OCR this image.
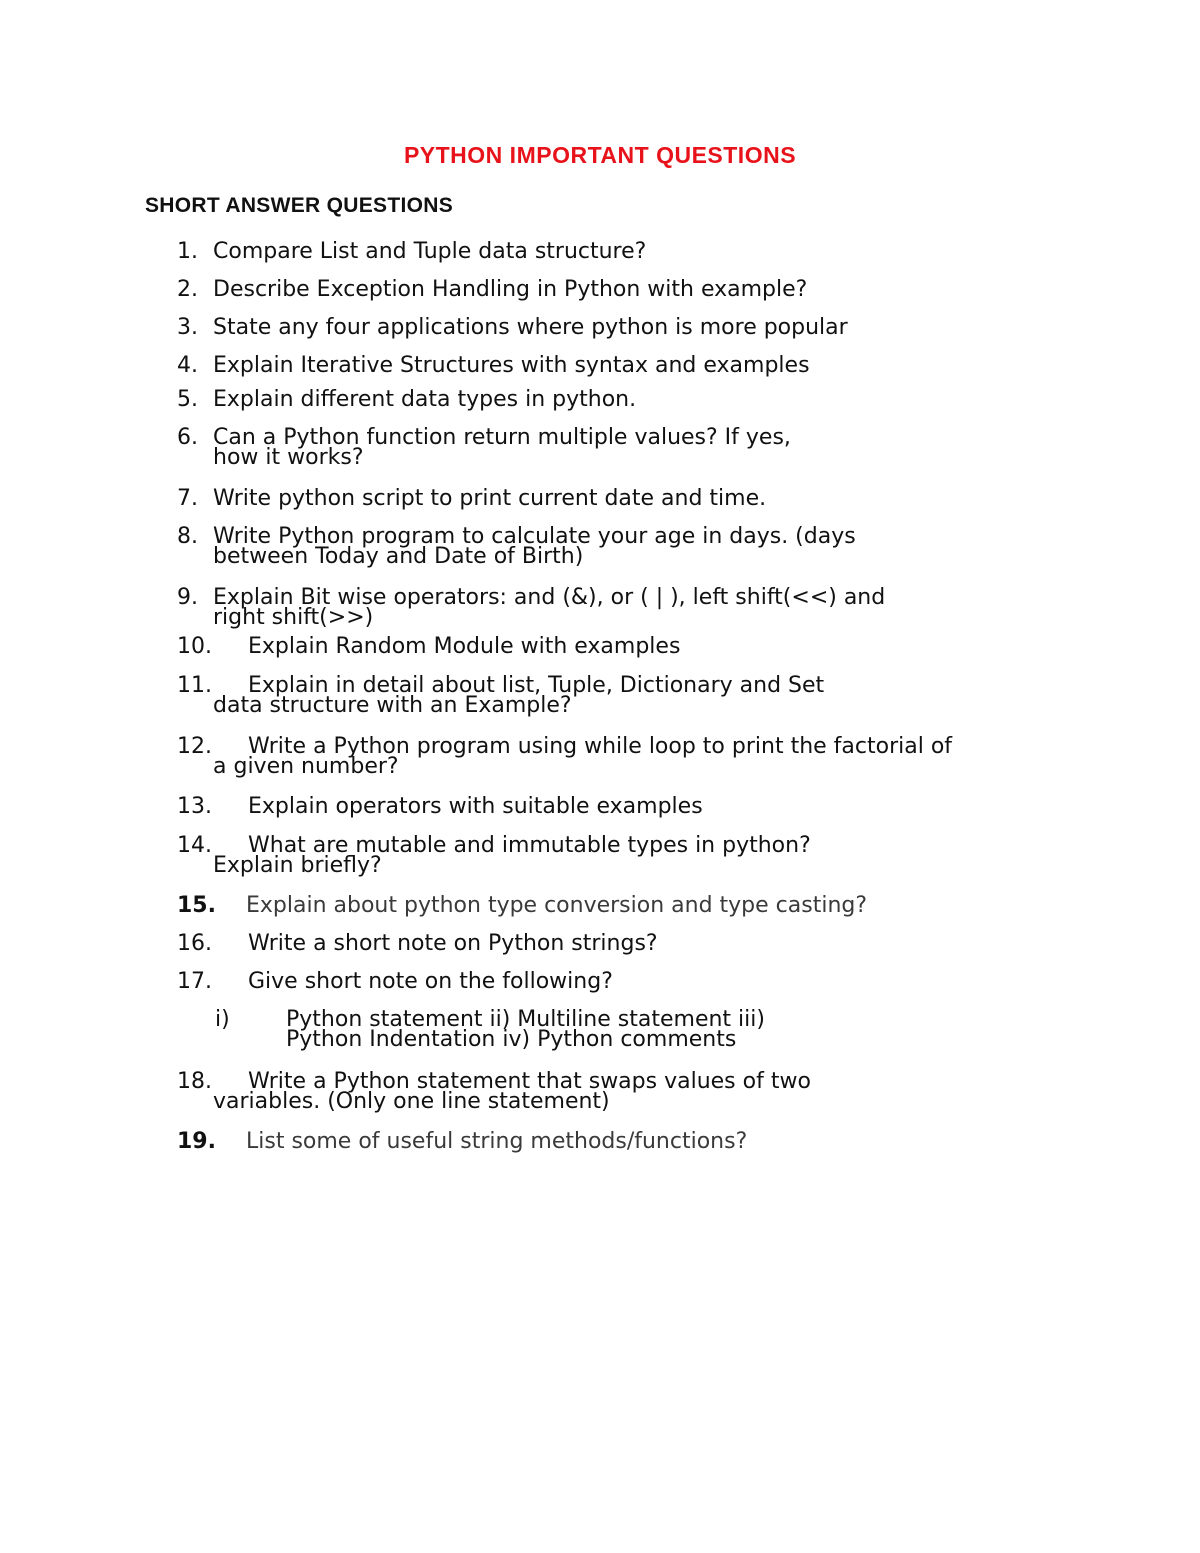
PYTHON IMPORTANT QUESTIONS
SHORT ANSWER QUESTIONS
1. Compare List and Tuple data structure?
2. Describe Exception Handling in Python with example?
3. State any four applications where python is more popular
4. Explain Iterative Structures with syntax and examples
5. Explain different data types in python.
6. Can a Python function return multiple values? If yes,
how it works?
7. Write python script to print current date and time.
8. Write Python program to calculate your age in days. (days
between Today and Date of Birth)
9. Explain Bit wise operators: and (&), or ( | ), left shift(<<) and
right shift(>>)
10. Explain Random Module with examples
11. Explain in detail about list, Tuple, Dictionary and Set
data structure with an Example?
12. Write a Python program using while loop to print the factorial of
a given number?
13. Explain operators with suitable examples
14. What are mutable and immutable types in python?
Explain briefly?
15. Explain about python type conversion and type casting?
16. Write a short note on Python strings?
17. Give short note on the following?
i)	Python statement ii) Multiline statement iii)
Python Indentation iv) Python comments
18. Write a Python statement that swaps values of two
variables. (Only one line statement)
19. List some of useful string methods/functions?
